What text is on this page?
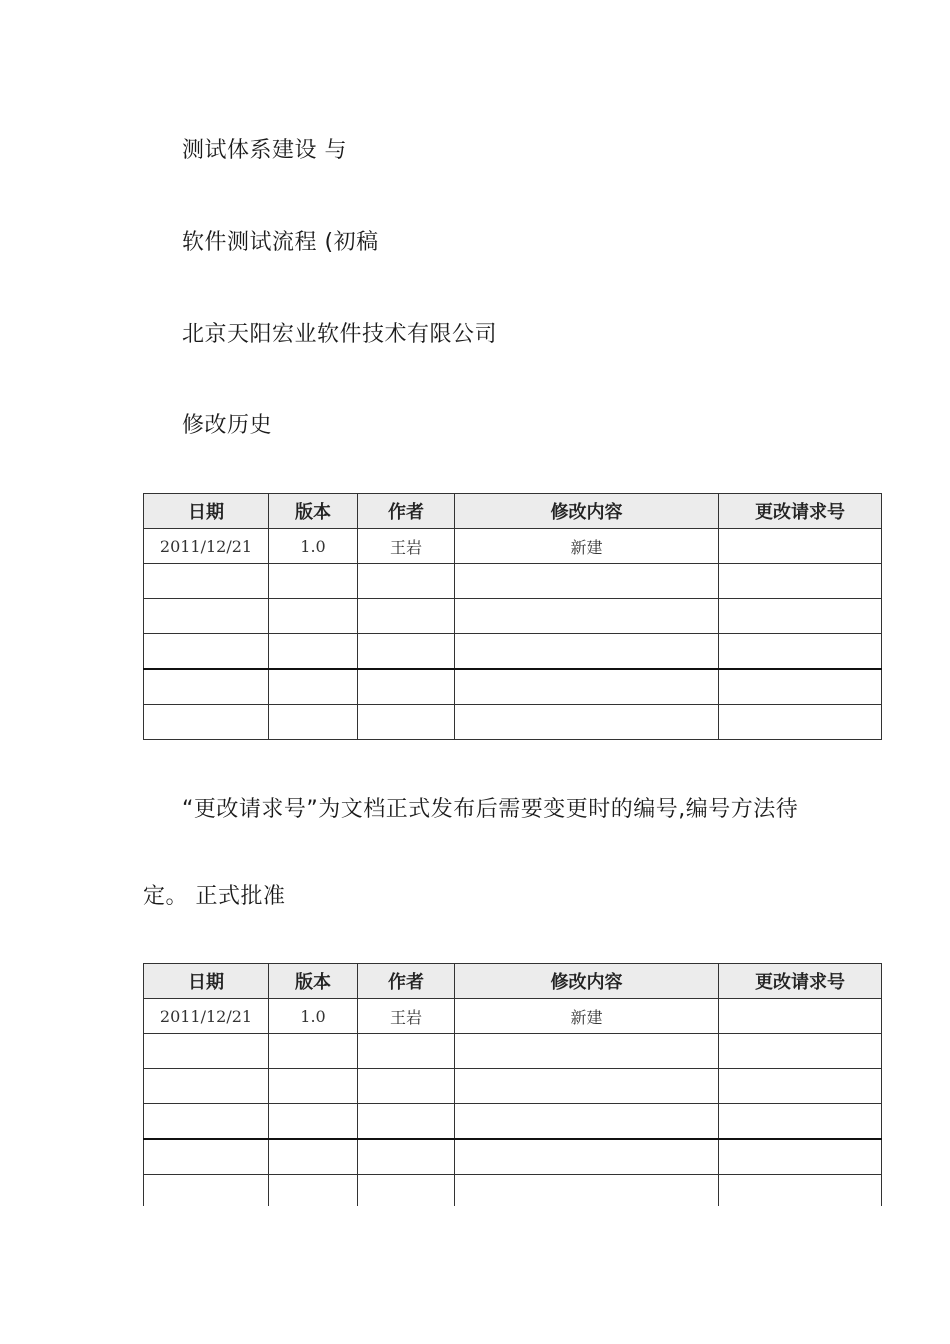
测试体系建设 与
软件测试流程 (初稿
北京天阳宏业软件技术有限公司
修改历史
日期	版本	作者	修改内容	更改请求号
2011/12/21	1.0	王岩	新建	

“更改请求号”为文档正式发布后需要变更时的编号,编号方法待
定。 正式批准
日期	版本	作者	修改内容	更改请求号
2011/12/21	1.0	王岩	新建	
